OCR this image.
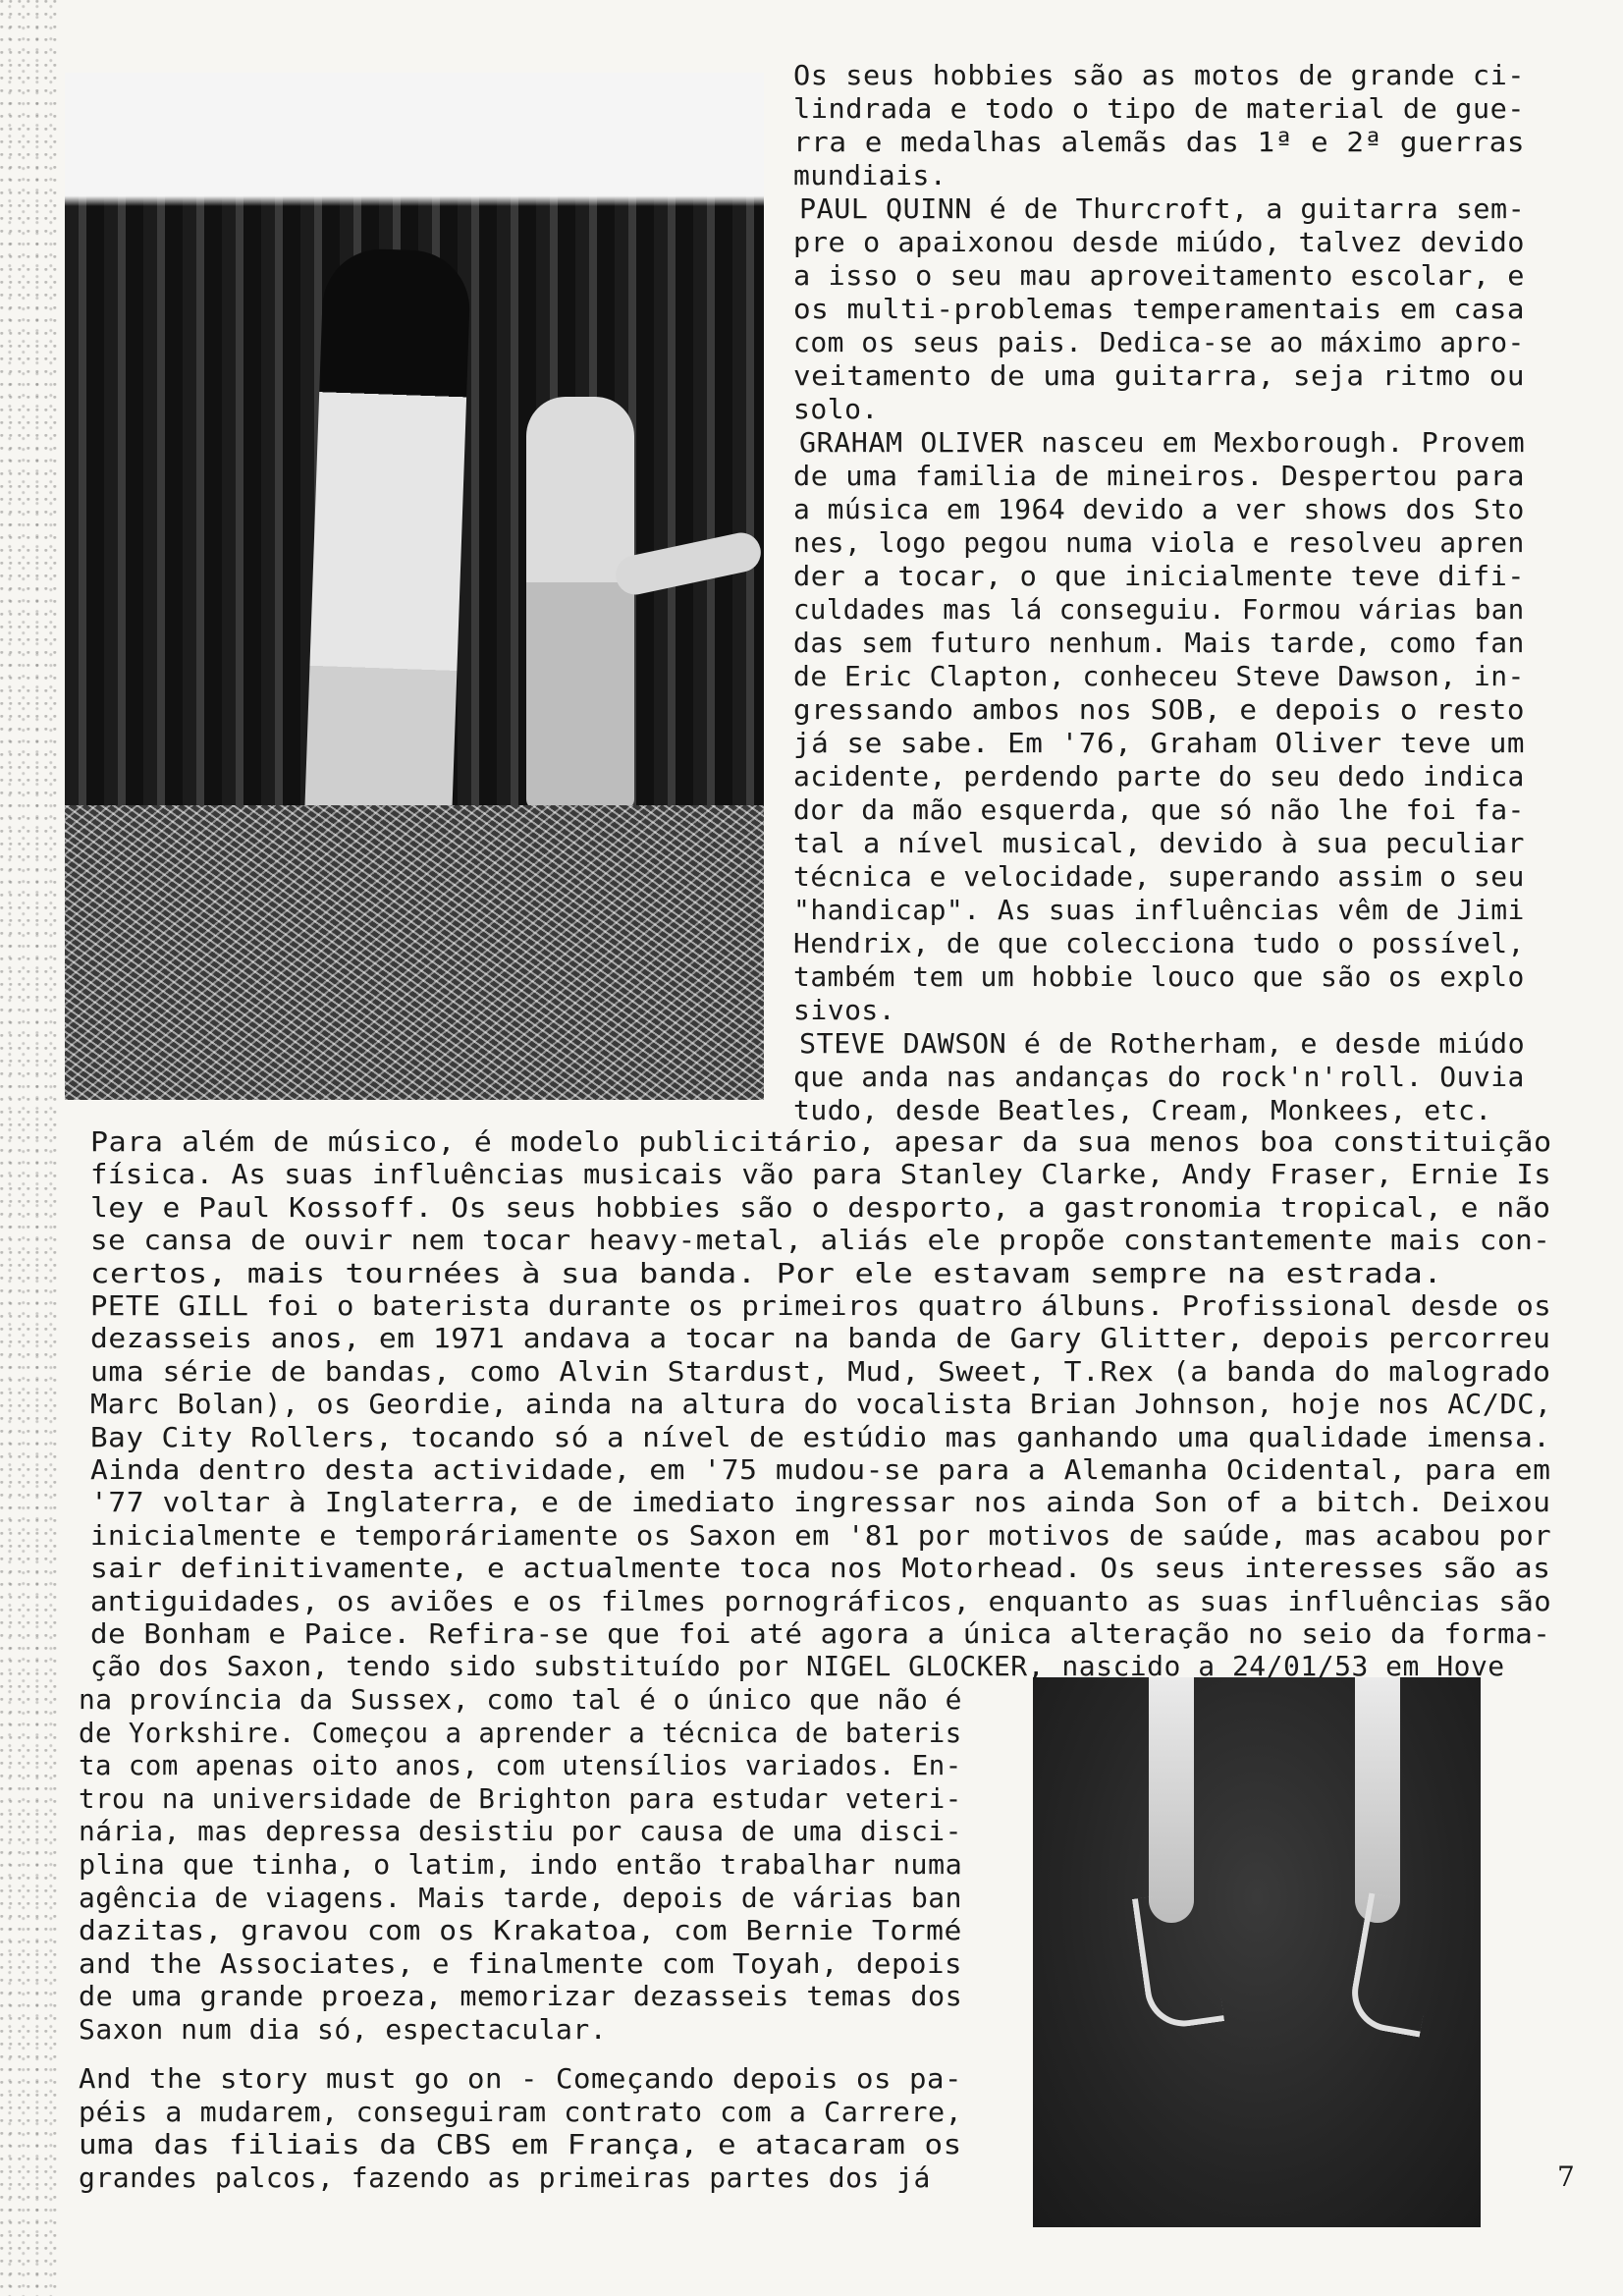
Os seus hobbies são as motos de grande ci-
lindrada e todo o tipo de material de gue-
rra e medalhas alemãs das 1ª e 2ª guerras
mundiais.
PAUL QUINN é de Thurcroft, a guitarra sem-
pre o apaixonou desde miúdo, talvez devido
a isso o seu mau aproveitamento escolar, e
os multi-problemas temperamentais em casa
com os seus pais. Dedica-se ao máximo apro-
veitamento de uma guitarra, seja ritmo ou
solo.
GRAHAM OLIVER nasceu em Mexborough. Provem
de uma familia de mineiros. Despertou para
a música em 1964 devido a ver shows dos Sto
nes, logo pegou numa viola e resolveu apren
der a tocar, o que inicialmente teve difi-
culdades mas lá conseguiu. Formou várias ban
das sem futuro nenhum. Mais tarde, como fan
de Eric Clapton, conheceu Steve Dawson, in-
gressando ambos nos SOB, e depois o resto
já se sabe. Em '76, Graham Oliver teve um
acidente, perdendo parte do seu dedo indica
dor da mão esquerda, que só não lhe foi fa-
tal a nível musical, devido à sua peculiar
técnica e velocidade, superando assim o seu
"handicap". As suas influências vêm de Jimi
Hendrix, de que colecciona tudo o possível,
também tem um hobbie louco que são os explo
sivos.
STEVE DAWSON é de Rotherham, e desde miúdo
que anda nas andanças do rock'n'roll. Ouvia
tudo, desde Beatles, Cream, Monkees, etc.
Para além de músico, é modelo publicitário, apesar da sua menos boa constituição
física. As suas influências musicais vão para Stanley Clarke, Andy Fraser, Ernie Is
ley e Paul Kossoff. Os seus hobbies são o desporto, a gastronomia tropical, e não
se cansa de ouvir nem tocar heavy-metal, aliás ele propõe constantemente mais con-
certos, mais tournées à sua banda. Por ele estavam sempre na estrada.
PETE GILL foi o baterista durante os primeiros quatro álbuns. Profissional desde os
dezasseis anos, em 1971 andava a tocar na banda de Gary Glitter, depois percorreu
uma série de bandas, como Alvin Stardust, Mud, Sweet, T.Rex (a banda do malogrado
Marc Bolan), os Geordie, ainda na altura do vocalista Brian Johnson, hoje nos AC/DC,
Bay City Rollers, tocando só a nível de estúdio mas ganhando uma qualidade imensa.
Ainda dentro desta actividade, em '75 mudou-se para a Alemanha Ocidental, para em
'77 voltar à Inglaterra, e de imediato ingressar nos ainda Son of a bitch. Deixou
inicialmente e temporáriamente os Saxon em '81 por motivos de saúde, mas acabou por
sair definitivamente, e actualmente toca nos Motorhead. Os seus interesses são as
antiguidades, os aviões e os filmes pornográficos, enquanto as suas influências são
de Bonham e Paice. Refira-se que foi até agora a única alteração no seio da forma-
ção dos Saxon, tendo sido substituído por NIGEL GLOCKER, nascido a 24/01/53 em Hove
na província da Sussex, como tal é o único que não é
de Yorkshire. Começou a aprender a técnica de bateris
ta com apenas oito anos, com utensílios variados. En-
trou na universidade de Brighton para estudar veteri-
nária, mas depressa desistiu por causa de uma disci-
plina que tinha, o latim, indo então trabalhar numa
agência de viagens. Mais tarde, depois de várias ban
dazitas, gravou com os Krakatoa, com Bernie Tormé
and the Associates, e finalmente com Toyah, depois
de uma grande proeza, memorizar dezasseis temas dos
Saxon num dia só, espectacular.
And the story must go on - Começando depois os pa-
péis a mudarem, conseguiram contrato com a Carrere,
uma das filiais da CBS em França, e atacaram os
grandes palcos, fazendo as primeiras partes dos já	7
